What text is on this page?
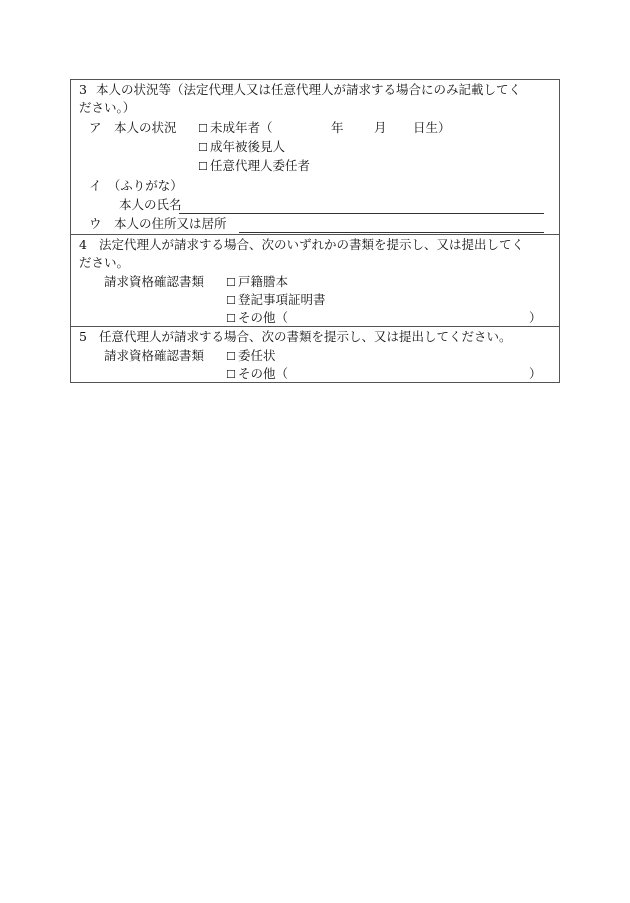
3 本人の状況等（法定代理人又は任意代理人が請求する場合にのみ記載してく
ださい。）
ア　本人の状況 ☐ 未成年者（	年 月 日生）
☐ 成年被後見人
☐ 任意代理人委任者
イ　（ふりがな）
本人の氏名
ウ　本人の住所又は居所
4 法定代理人が請求する場合、次のいずれかの書類を提示し、又は提出してく
ださい。
請求資格確認書類 ☐ 戸籍謄本
☐ 登記事項証明書
☐ その他（	）
5 任意代理人が請求する場合、次の書類を提示し、又は提出してください。
請求資格確認書類 ☐ 委任状
☐ その他（	）
